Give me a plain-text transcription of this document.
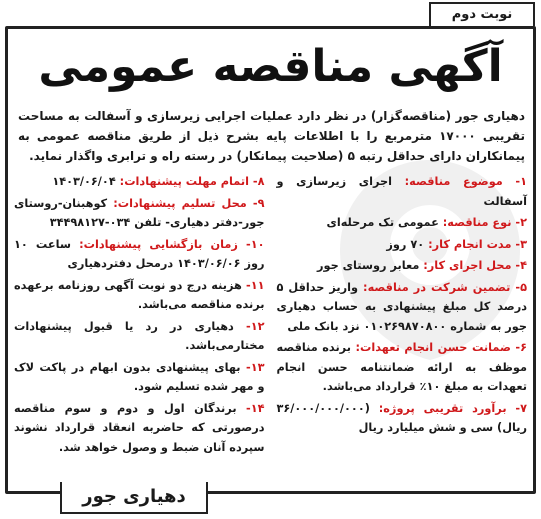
نوبت دوم
آگهی مناقصه عمومی

دهیاری جور (مناقصه‌گزار) در نظر دارد عملیات اجرایی زیرسازی و آسفالت به مساحت تقریبی ۱۷۰۰۰ مترمربع را با اطلاعات پایه بشرح ذیل از طریق مناقصه عمومی به پیمانکاران دارای حداقل رتبه ۵ (صلاحیت پیمانکار) در رسته راه و ترابری واگذار نماید.

۱- موضوع مناقصه: اجرای زیرسازی و آسفالت

۲- نوع مناقصه: عمومی تک مرحله‌ای

۳- مدت انجام کار: ۷۰ روز

۴- محل اجرای کار: معابر روستای جور

۵- تضمین شرکت در مناقصه: واریز حداقل ۵ درصد کل مبلغ پیشنهادی به حساب دهیاری جور به شماره ۰۱۰۲۶۹۸۷۰۸۰۰ نزد بانک ملی

۶- ضمانت حسن انجام تعهدات: برنده مناقصه موظف به ارائه ضمانتنامه حسن انجام تعهدات به مبلغ ۱۰٪ قرارداد می‌باشد.

۷- برآورد تقریبی پروژه: (۳۶/۰۰۰/۰۰۰/۰۰۰ ریال) سی و شش میلیارد ریال

۸- اتمام مهلت پیشنهادات: ۱۴۰۳/۰۶/۰۴

۹- محل تسلیم پیشنهادات: کوهبنان-روستای جور-دفتر دهیاری- تلفن ۰۳۴-۳۴۴۹۸۱۲۷

۱۰- زمان بازگشایی پیشنهادات: ساعت ۱۰ روز ۱۴۰۳/۰۶/۰۶ درمحل دفتردهیاری

۱۱- هزینه درج دو نوبت آگهی روزنامه برعهده برنده مناقصه می‌باشد.

۱۲- دهیاری در رد یا قبول پیشنهادات مختارمی‌باشد.

۱۳- بهای پیشنهادی بدون ابهام در پاکت لاک و مهر شده تسلیم شود.

۱۴- برندگان اول و دوم و سوم مناقصه درصورتی که حاضربه انعقاد قرارداد نشوند سپرده آنان ضبط و وصول خواهد شد.

دهیاری جور
